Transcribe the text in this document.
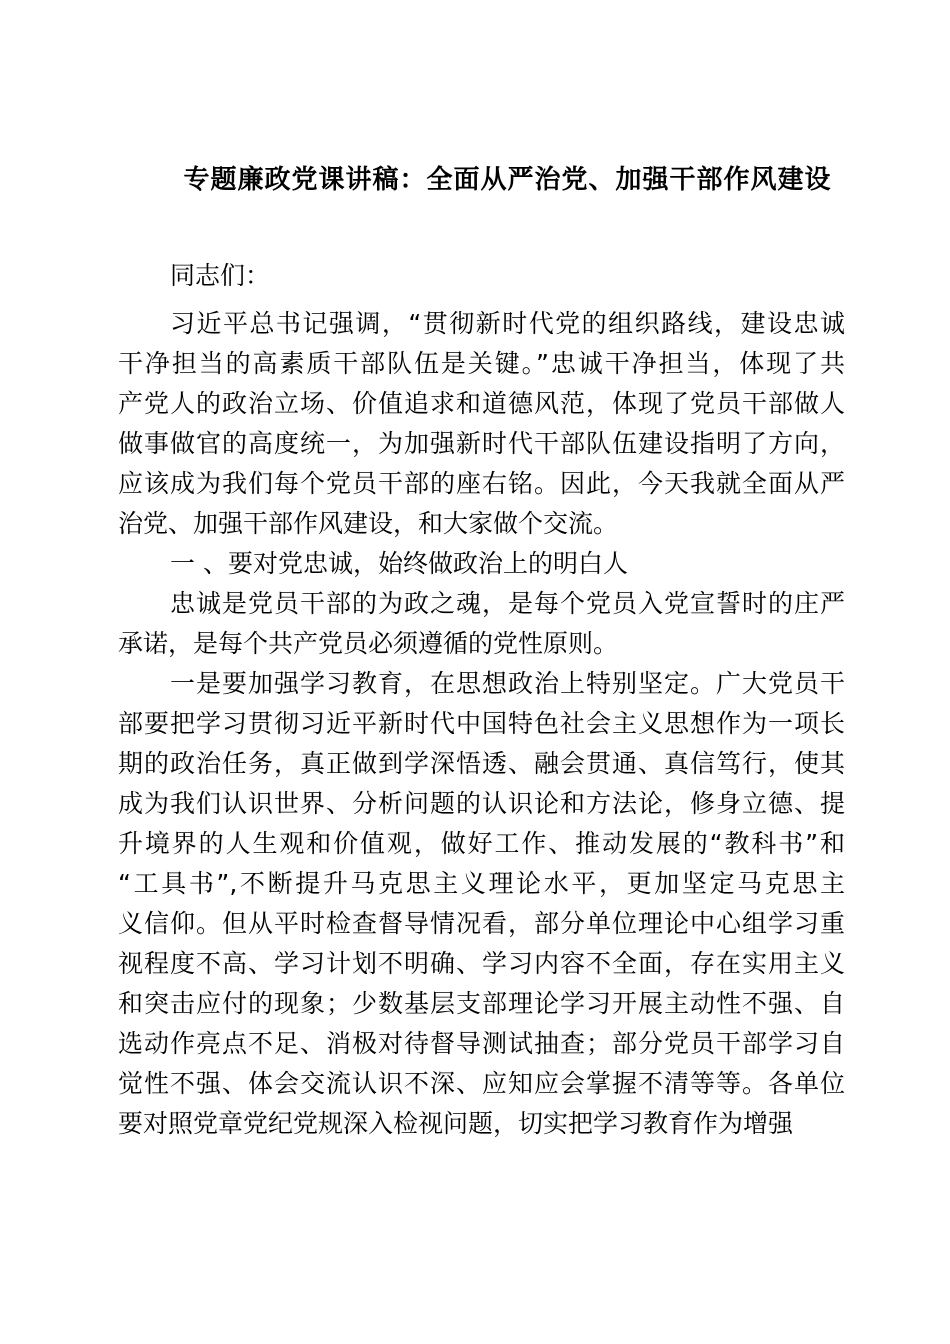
专题廉政党课讲稿：全面从严治党、加强干部作风建设
同志们：
习近平总书记强调，“贯彻新时代党的组织路线，建设忠诚
干净担当的高素质干部队伍是关键。”忠诚干净担当，体现了共
产党人的政治立场、价值追求和道德风范，体现了党员干部做人
做事做官的高度统一，为加强新时代干部队伍建设指明了方向，
应该成为我们每个党员干部的座右铭。因此，今天我就全面从严
治党、加强干部作风建设，和大家做个交流。
一 、要对党忠诚，始终做政治上的明白人
忠诚是党员干部的为政之魂，是每个党员入党宣誓时的庄严
承诺，是每个共产党员必须遵循的党性原则。
一是要加强学习教育，在思想政治上特别坚定。广大党员干
部要把学习贯彻习近平新时代中国特色社会主义思想作为一项长
期的政治任务，真正做到学深悟透、融会贯通、真信笃行，使其
成为我们认识世界、分析问题的认识论和方法论，修身立德、提
升境界的人生观和价值观，做好工作、推动发展的“教科书”和
“工具书”,不断提升马克思主义理论水平，更加坚定马克思主
义信仰。但从平时检查督导情况看，部分单位理论中心组学习重
视程度不高、学习计划不明确、学习内容不全面，存在实用主义
和突击应付的现象；少数基层支部理论学习开展主动性不强、自
选动作亮点不足、消极对待督导测试抽查；部分党员干部学习自
觉性不强、体会交流认识不深、应知应会掌握不清等等。各单位
要对照党章党纪党规深入检视问题，切实把学习教育作为增强
